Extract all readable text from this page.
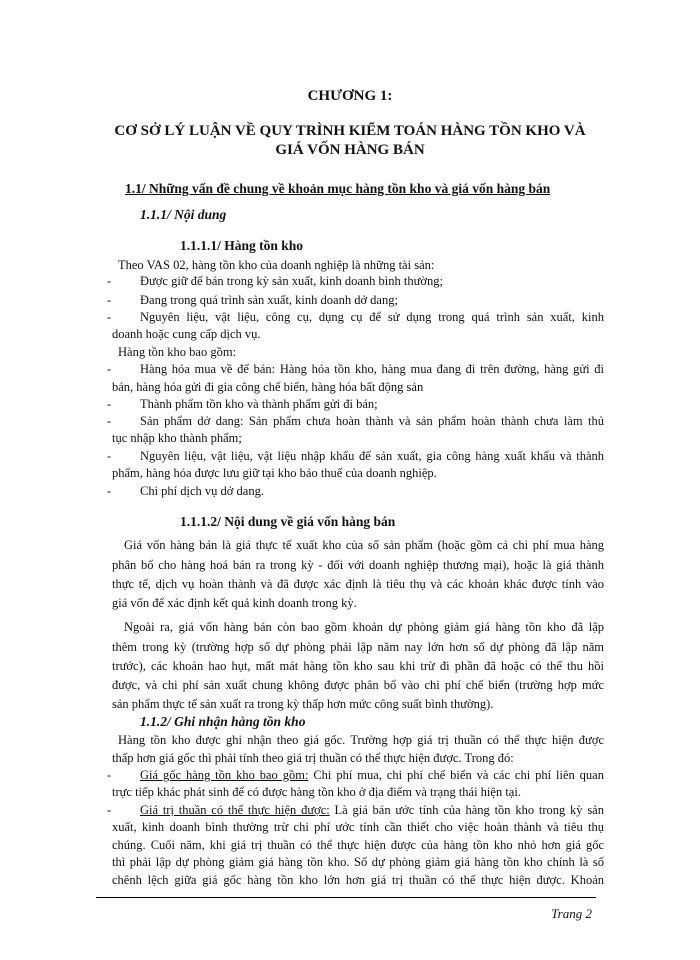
CHƯƠNG 1:
CƠ SỞ LÝ LUẬN VỀ QUY TRÌNH KIỂM TOÁN HÀNG TỒN KHO VÀ
GIÁ VỐN HÀNG BÁN
1.1/ Những vấn đề chung về khoản mục hàng tồn kho và giá vốn hàng bán
1.1.1/ Nội dung
1.1.1.1/ Hàng tồn kho
Theo VAS 02, hàng tồn kho của doanh nghiệp là những tài sản:
- Được giữ để bán trong kỳ sản xuất, kinh doanh bình thường;
- Đang trong quá trình sản xuất, kinh doanh dở dang;
- Nguyên liệu, vật liệu, công cụ, dụng cụ để sử dụng trong quá trình sản xuất, kinh
doanh hoặc cung cấp dịch vụ.
Hàng tồn kho bao gồm:
- Hàng hóa mua về để bán: Hàng hóa tồn kho, hàng mua đang đi trên đường, hàng gửi đi
bán, hàng hóa gửi đi gia công chế biến, hàng hóa bất động sản
- Thành phẩm tồn kho và thành phẩm gửi đi bán;
- Sản phẩm dở dang: Sản phẩm chưa hoàn thành và sản phẩm hoàn thành chưa làm thủ
tục nhập kho thành phẩm;
- Nguyên liệu, vật liệu, vật liệu nhập khẩu để sản xuất, gia công hàng xuất khẩu và thành
phẩm, hàng hóa được lưu giữ tại kho bảo thuế của doanh nghiệp.
- Chi phí dịch vụ dở dang.
1.1.1.2/ Nội dung về giá vốn hàng bán
Giá vốn hàng bán là giá thực tế xuất kho của số sản phẩm (hoặc gồm cả chi phí mua hàng
phân bổ cho hàng hoá bán ra trong kỳ - đối với doanh nghiệp thương mại), hoặc là giá thành
thực tế, dịch vụ hoàn thành và đã được xác định là tiêu thụ và các khoản khác được tính vào
giá vốn để xác định kết quả kinh doanh trong kỳ.
Ngoài ra, giá vốn hàng bán còn bao gồm khoản dự phòng giảm giá hàng tồn kho đã lập
thêm trong kỳ (trường hợp số dự phòng phải lập năm nay lớn hơn số dự phòng đã lập năm
trước), các khoản hao hụt, mất mát hàng tồn kho sau khi trừ đi phần đã hoặc có thể thu hồi
được, và chi phí sản xuất chung không được phân bổ vào chi phí chế biến (trường hợp mức
sản phẩm thực tế sản xuất ra trong kỳ thấp hơn mức công suất bình thường).
1.1.2/ Ghi nhận hàng tồn kho
Hàng tồn kho được ghi nhận theo giá gốc. Trường hợp giá trị thuần có thể thực hiện được
thấp hơn giá gốc thì phải tính theo giá trị thuần có thể thực hiện được. Trong đó:
- Giá gốc hàng tồn kho bao gồm: Chi phí mua, chi phí chế biến và các chi phí liên quan
trực tiếp khác phát sinh để có được hàng tồn kho ở địa điểm và trạng thái hiện tại.
- Giá trị thuần có thể thực hiện được: Là giá bán ước tính của hàng tồn kho trong kỳ sản
xuất, kinh doanh bình thường trừ chi phí ước tính cần thiết cho việc hoàn thành và tiêu thụ
chúng. Cuối năm, khi giá trị thuần có thể thực hiện được của hàng tồn kho nhỏ hơn giá gốc
thì phải lập dự phòng giảm giá hàng tồn kho. Số dự phòng giảm giá hàng tồn kho chính là số
chênh lệch giữa giá gốc hàng tồn kho lớn hơn giá trị thuần có thể thực hiện được. Khoản
Trang 2
